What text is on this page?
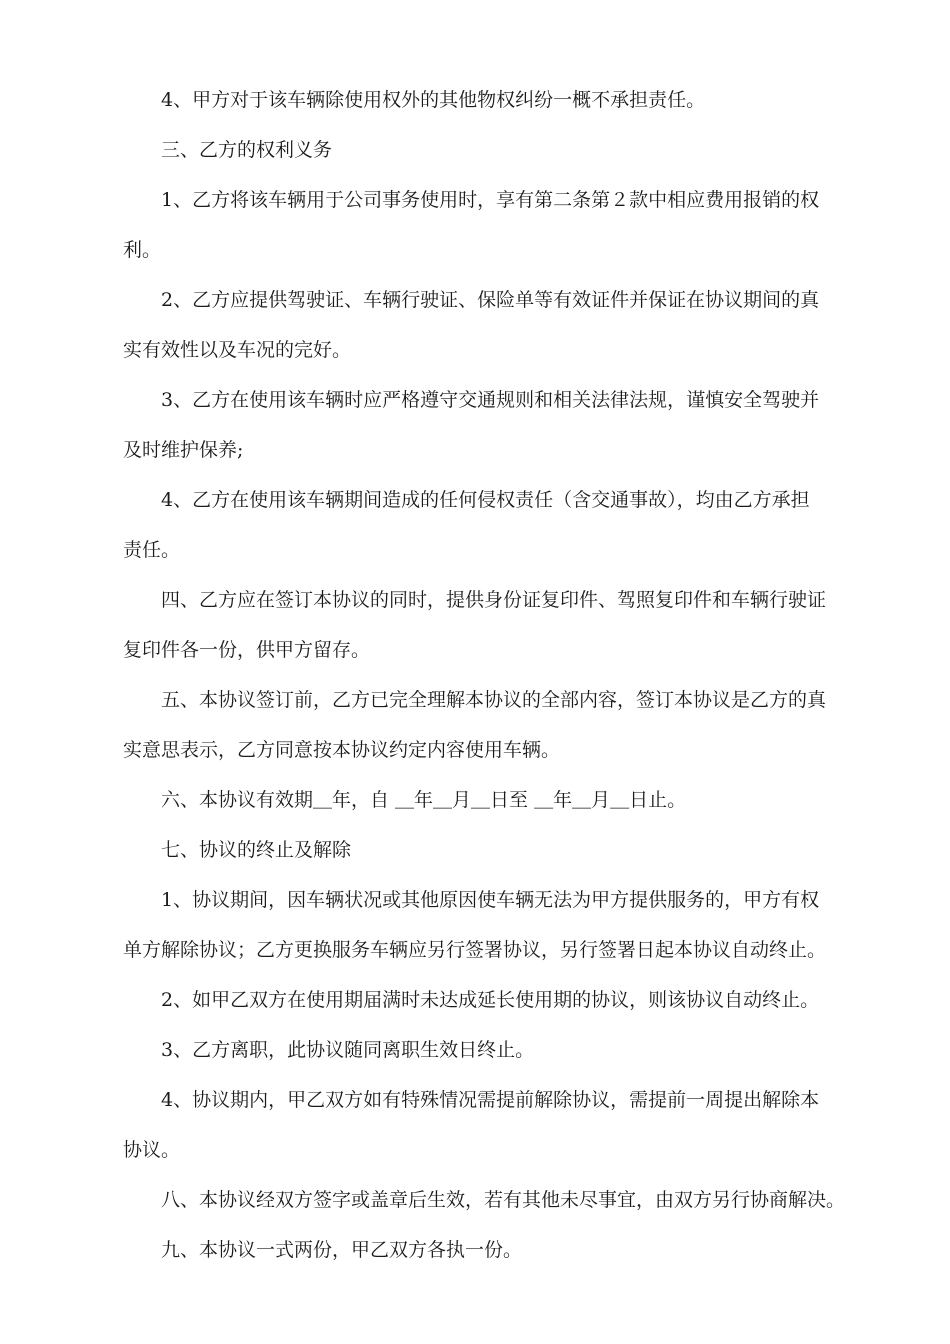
4、甲方对于该车辆除使用权外的其他物权纠纷一概不承担责任。
三、乙方的权利义务
1、乙方将该车辆用于公司事务使用时，享有第二条第２款中相应费用报销的权
利。
2、乙方应提供驾驶证、车辆行驶证、保险单等有效证件并保证在协议期间的真
实有效性以及车况的完好。
3、乙方在使用该车辆时应严格遵守交通规则和相关法律法规，谨慎安全驾驶并
及时维护保养;
4、乙方在使用该车辆期间造成的任何侵权责任（含交通事故），均由乙方承担
责任。
四、乙方应在签订本协议的同时，提供身份证复印件、驾照复印件和车辆行驶证
复印件各一份，供甲方留存。
五、本协议签订前，乙方已完全理解本协议的全部内容，签订本协议是乙方的真
实意思表示，乙方同意按本协议约定内容使用车辆。
六、本协议有效期＿年，自 ＿年＿月＿日至 ＿年＿月＿日止。
七、协议的终止及解除
1、协议期间，因车辆状况或其他原因使车辆无法为甲方提供服务的，甲方有权
单方解除协议；乙方更换服务车辆应另行签署协议，另行签署日起本协议自动终止。
2、如甲乙双方在使用期届满时未达成延长使用期的协议，则该协议自动终止。
3、乙方离职，此协议随同离职生效日终止。
4、协议期内，甲乙双方如有特殊情况需提前解除协议，需提前一周提出解除本
协议。
八、本协议经双方签字或盖章后生效，若有其他未尽事宜，由双方另行协商解决。
九、本协议一式两份，甲乙双方各执一份。
